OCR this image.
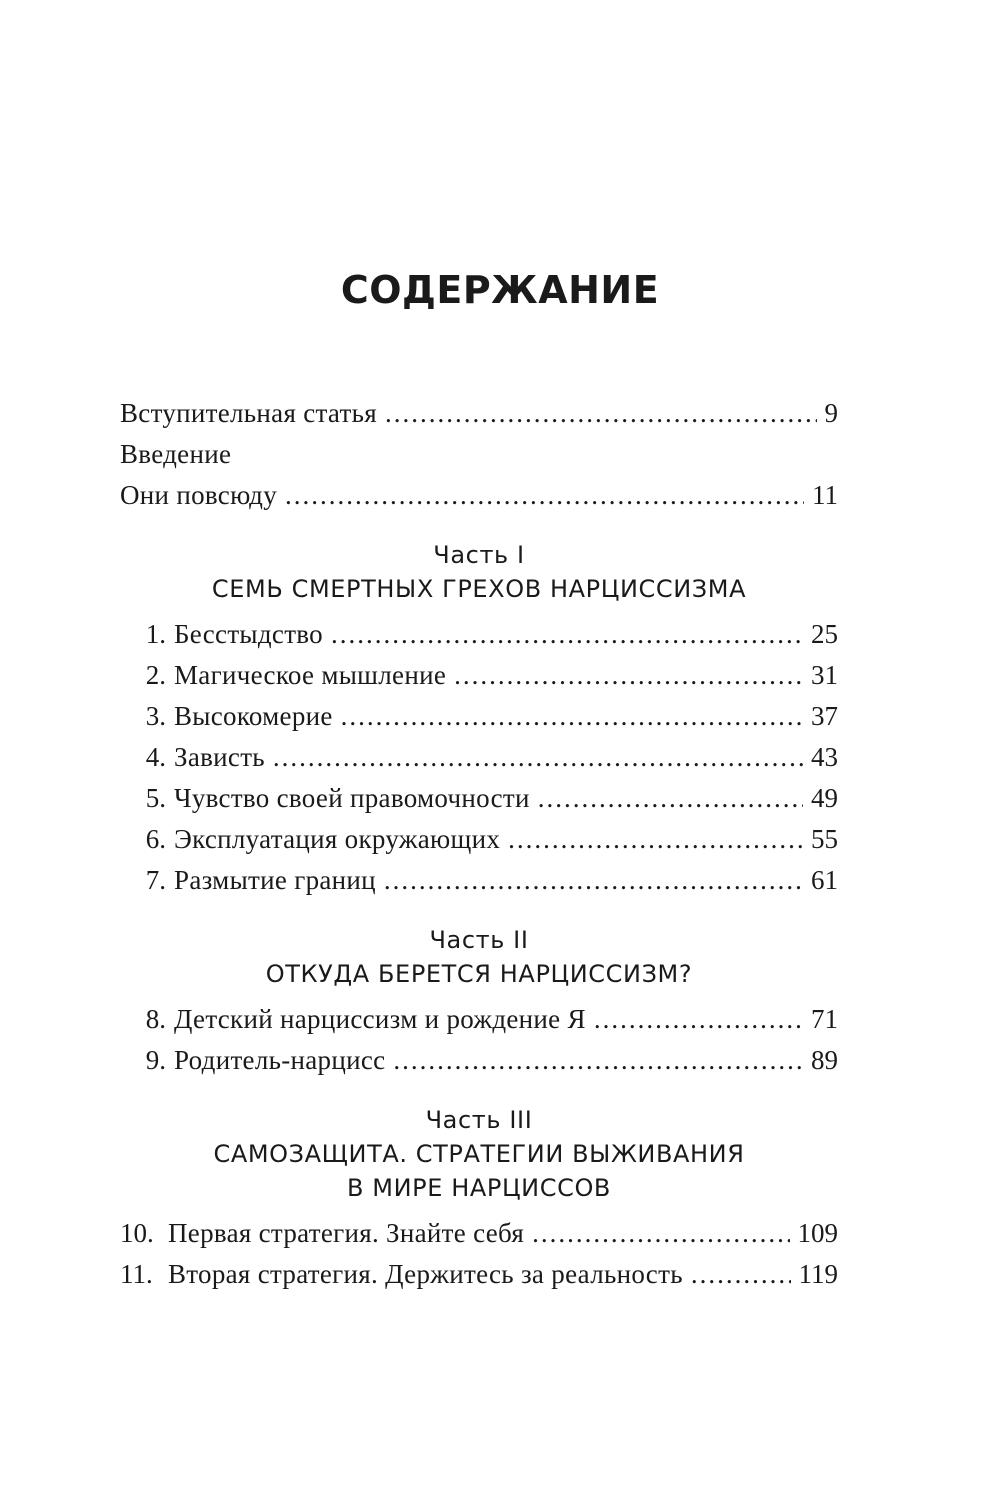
СОДЕРЖАНИЕ
Вступительная статья .....	9
Введение
Они повсюду .....	11
Часть I
СЕМЬ СМЕРТНЫХ ГРЕХОВ НАРЦИССИЗМА
1. Бесстыдство .....	25
2. Магическое мышление .....	31
3. Высокомерие .....	37
4. Зависть .....	43
5. Чувство своей правомочности .....	49
6. Эксплуатация окружающих .....	55
7. Размытие границ .....	61
Часть II
ОТКУДА БЕРЕТСЯ НАРЦИССИЗМ?
8. Детский нарциссизм и рождение Я .....	71
9. Родитель-нарцисс .....	89
Часть III
САМОЗАЩИТА. СТРАТЕГИИ ВЫЖИВАНИЯ
В МИРЕ НАРЦИССОВ
10. Первая стратегия. Знайте себя .....	109
11. Вторая стратегия. Держитесь за реальность .....	119
